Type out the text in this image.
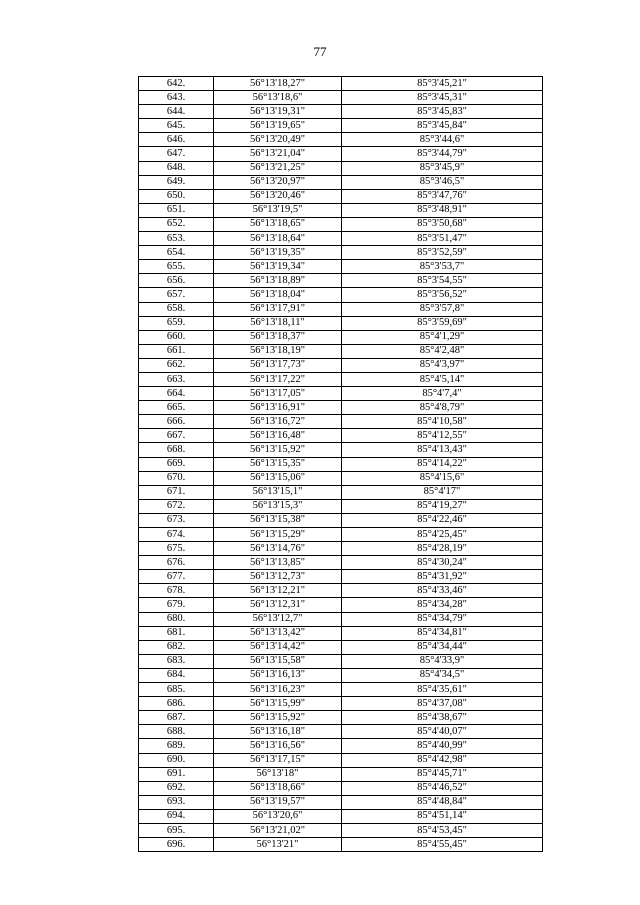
77
642.	56°13'18,27"	85°3'45,21"
643.	56°13'18,6"	85°3'45,31"
644.	56°13'19,31"	85°3'45,83"
645.	56°13'19,65"	85°3'45,84"
646.	56°13'20,49"	85°3'44,6"
647.	56°13'21,04"	85°3'44,79"
648.	56°13'21,25"	85°3'45,9"
649.	56°13'20,97"	85°3'46,5"
650.	56°13'20,46"	85°3'47,76"
651.	56°13'19,5"	85°3'48,91"
652.	56°13'18,65"	85°3'50,68"
653.	56°13'18,64"	85°3'51,47"
654.	56°13'19,35"	85°3'52,59"
655.	56°13'19,34"	85°3'53,7"
656.	56°13'18,89"	85°3'54,55"
657.	56°13'18,04"	85°3'56,52"
658.	56°13'17,91"	85°3'57,8"
659.	56°13'18,11"	85°3'59,69"
660.	56°13'18,37"	85°4'1,29"
661.	56°13'18,19"	85°4'2,48"
662.	56°13'17,73"	85°4'3,97"
663.	56°13'17,22"	85°4'5,14"
664.	56°13'17,05"	85°4'7,4"
665.	56°13'16,91"	85°4'8,79"
666.	56°13'16,72"	85°4'10,58"
667.	56°13'16,48"	85°4'12,55"
668.	56°13'15,92"	85°4'13,43"
669.	56°13'15,35"	85°4'14,22"
670.	56°13'15,06"	85°4'15,6"
671.	56°13'15,1"	85°4'17"
672.	56°13'15,3"	85°4'19,27"
673.	56°13'15,38"	85°4'22,46"
674.	56°13'15,29"	85°4'25,45"
675.	56°13'14,76"	85°4'28,19"
676.	56°13'13,85"	85°4'30,24"
677.	56°13'12,73"	85°4'31,92"
678.	56°13'12,21"	85°4'33,46"
679.	56°13'12,31"	85°4'34,28"
680.	56°13'12,7"	85°4'34,79"
681.	56°13'13,42"	85°4'34,81"
682.	56°13'14,42"	85°4'34,44"
683.	56°13'15,58"	85°4'33,9"
684.	56°13'16,13"	85°4'34,5"
685.	56°13'16,23"	85°4'35,61"
686.	56°13'15,99"	85°4'37,08"
687.	56°13'15,92"	85°4'38,67"
688.	56°13'16,18"	85°4'40,07"
689.	56°13'16,56"	85°4'40,99"
690.	56°13'17,15"	85°4'42,98"
691.	56°13'18"	85°4'45,71"
692.	56°13'18,66"	85°4'46,52"
693.	56°13'19,57"	85°4'48,84"
694.	56°13'20,6"	85°4'51,14"
695.	56°13'21,02"	85°4'53,45"
696.	56°13'21"	85°4'55,45"
